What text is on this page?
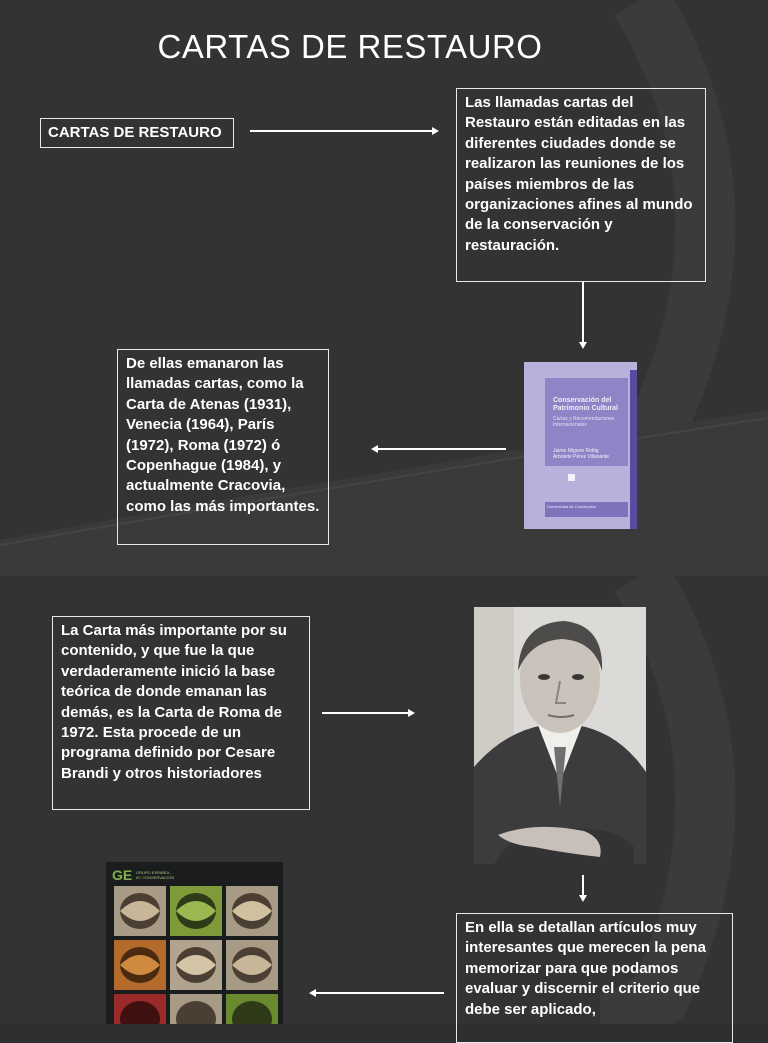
CARTAS DE RESTAURO
CARTAS DE RESTAURO
Las llamadas cartas del Restauro están editadas en las diferentes ciudades donde se realizaron las reuniones de los países miembros de las organizaciones afines al mundo de la conservación y restauración.
Conservación del Patrimonio Cultural
Cartas y Recomendaciones Internacionales
Jaime Migone Rettig
Arbolete Pérez Villasante
Universidad de Concepción
De ellas emanaron las llamadas cartas, como la Carta de Atenas (1931), Venecia (1964), París (1972), Roma (1972) ó Copenhague (1984), y actualmente Cracovia, como las más importantes.
La Carta más importante por su contenido, y que fue la que verdaderamente inició la base teórica de donde emanan las demás, es la Carta de Roma de 1972. Esta procede de un programa definido por Cesare Brandi y otros historiadores
GE GRUPO ESPAÑOL
IIC CONSERVACIÓN
En ella se detallan artículos muy interesantes que merecen la pena memorizar para que podamos evaluar y discernir el criterio que debe ser aplicado,
